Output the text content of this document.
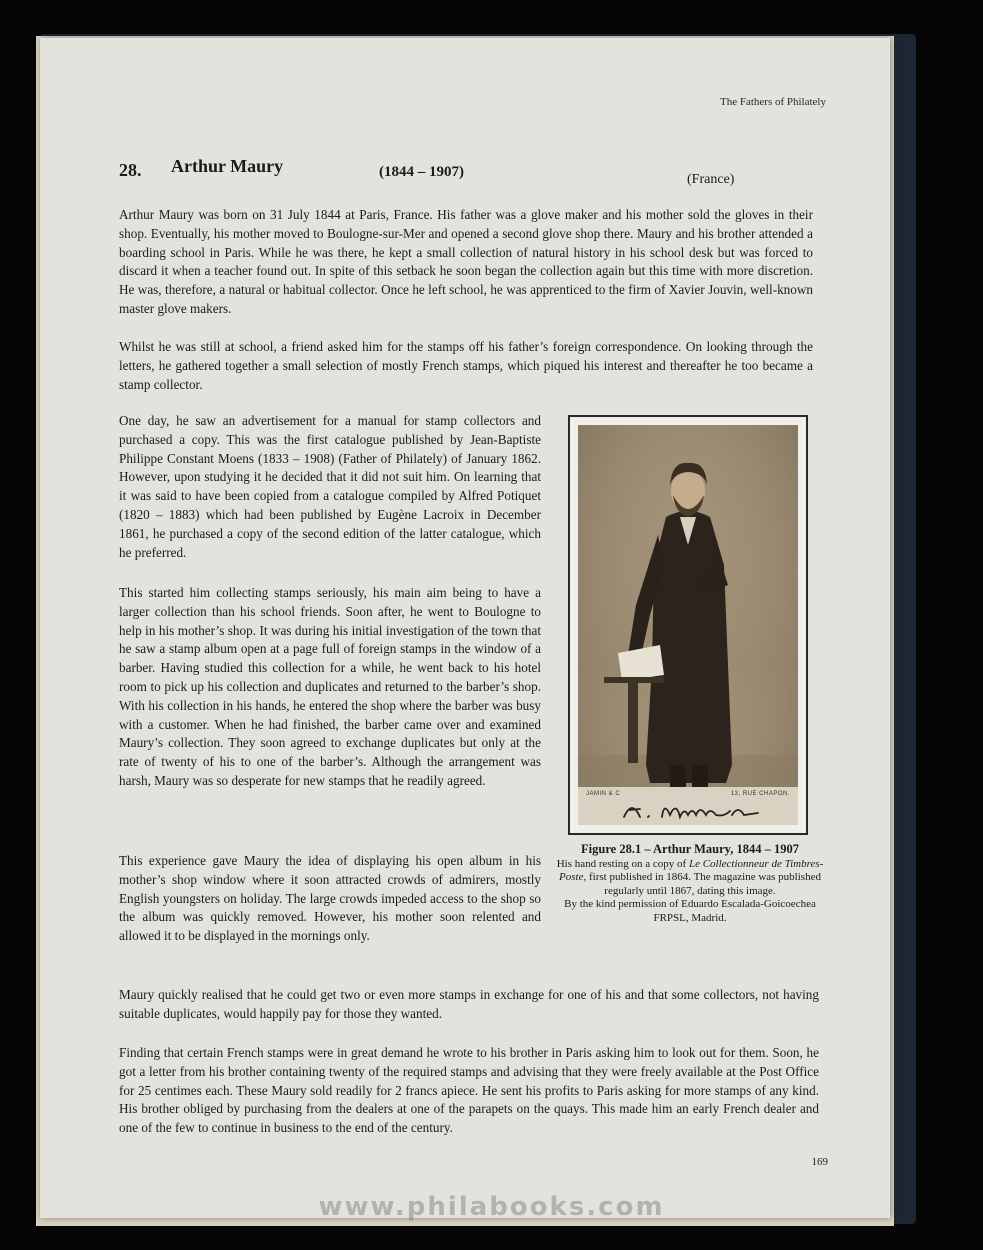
The Fathers of Philately
28. Arthur Maury	(1844 – 1907)	(France)

Arthur Maury was born on 31 July 1844 at Paris, France. His father was a glove maker and his mother sold the gloves in their shop. Eventually, his mother moved to Boulogne-sur-Mer and opened a second glove shop there. Maury and his brother attended a boarding school in Paris. While he was there, he kept a small collection of natural history in his school desk but was forced to discard it when a teacher found out. In spite of this setback he soon began the collection again but this time with more discretion. He was, therefore, a natural or habitual collector. Once he left school, he was apprenticed to the firm of Xavier Jouvin, well-known master glove makers.

Whilst he was still at school, a friend asked him for the stamps off his father’s foreign correspondence. On looking through the letters, he gathered together a small selection of mostly French stamps, which piqued his interest and thereafter he too became a stamp collector.

One day, he saw an advertisement for a manual for stamp collectors and purchased a copy. This was the first catalogue published by Jean-Baptiste Philippe Constant Moens (1833 – 1908) (Father of Philately) of January 1862. However, upon studying it he decided that it did not suit him. On learning that it was said to have been copied from a catalogue compiled by Alfred Potiquet (1820 – 1883) which had been published by Eugène Lacroix in December 1861, he purchased a copy of the second edition of the latter catalogue, which he preferred.

This started him collecting stamps seriously, his main aim being to have a larger collection than his school friends. Soon after, he went to Boulogne to help in his mother’s shop. It was during his initial investigation of the town that he saw a stamp album open at a page full of foreign stamps in the window of a barber. Having studied this collection for a while, he went back to his hotel room to pick up his collection and duplicates and returned to the barber’s shop. With his collection in his hands, he entered the shop where the barber was busy with a customer. When he had finished, the barber came over and examined Maury’s collection. They soon agreed to exchange duplicates but only at the rate of twenty of his to one of the barber’s. Although the arrangement was harsh, Maury was so desperate for new stamps that he readily agreed.

This experience gave Maury the idea of displaying his open album in his mother’s shop window where it soon attracted crowds of admirers, mostly English youngsters on holiday. The large crowds impeded access to the shop so the album was quickly removed. However, his mother soon relented and allowed it to be displayed in the mornings only.

Maury quickly realised that he could get two or even more stamps in exchange for one of his and that some collectors, not having suitable duplicates, would happily pay for those they wanted.

Finding that certain French stamps were in great demand he wrote to his brother in Paris asking him to look out for them. Soon, he got a letter from his brother containing twenty of the required stamps and advising that they were freely available at the Post Office for 25 centimes each. These Maury sold readily for 2 francs apiece. He sent his profits to Paris asking for more stamps of any kind. His brother obliged by purchasing from the dealers at one of the parapets on the quays. This made him an early French dealer and one of the few to continue in business to the end of the century.

JAMIN & C	13, RUE CHAPON.
Figure 28.1 – Arthur Maury, 1844 – 1907
His hand resting on a copy of Le Collectionneur de Timbres-Poste, first published in 1864. The magazine was published regularly until 1867, dating this image.
By the kind permission of Eduardo Escalada-Goicoechea FRPSL, Madrid.
169
www.philabooks.com
